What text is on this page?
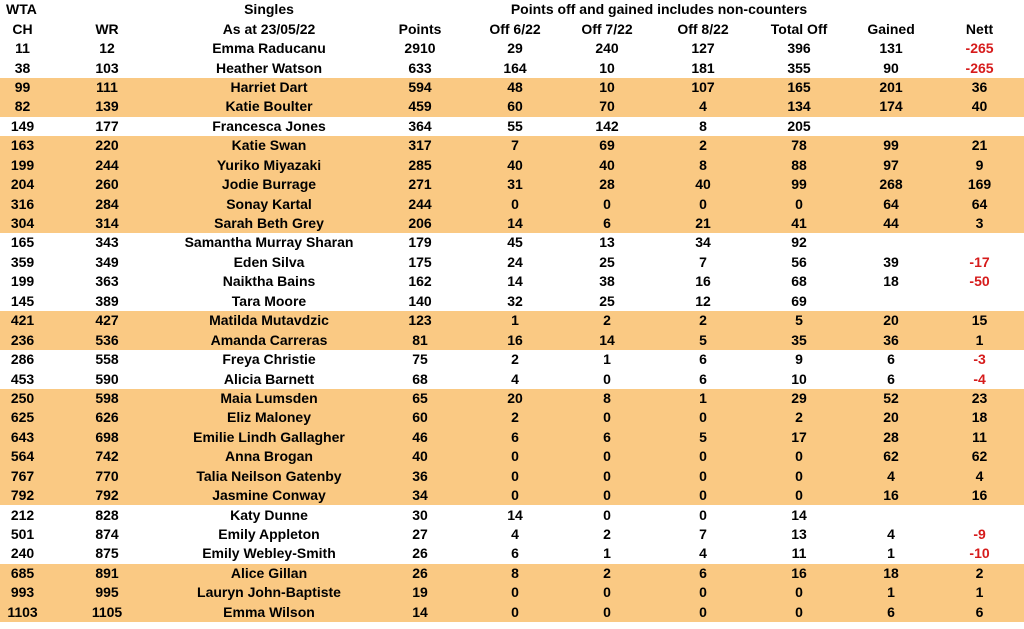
WTA		Singles		Points off and gained includes non-counters					
CH	WR	As at 23/05/22	Points	Off 6/22	Off 7/22	Off 8/22	Total Off	Gained	Nett
11	12	Emma Raducanu	2910	29	240	127	396	131	-265
38	103	Heather Watson	633	164	10	181	355	90	-265
99	111	Harriet Dart	594	48	10	107	165	201	36
82	139	Katie Boulter	459	60	70	4	134	174	40
149	177	Francesca Jones	364	55	142	8	205		
163	220	Katie Swan	317	7	69	2	78	99	21
199	244	Yuriko Miyazaki	285	40	40	8	88	97	9
204	260	Jodie Burrage	271	31	28	40	99	268	169
316	284	Sonay Kartal	244	0	0	0	0	64	64
304	314	Sarah Beth Grey	206	14	6	21	41	44	3
165	343	Samantha Murray Sharan	179	45	13	34	92		
359	349	Eden Silva	175	24	25	7	56	39	-17
199	363	Naiktha Bains	162	14	38	16	68	18	-50
145	389	Tara Moore	140	32	25	12	69		
421	427	Matilda Mutavdzic	123	1	2	2	5	20	15
236	536	Amanda Carreras	81	16	14	5	35	36	1
286	558	Freya Christie	75	2	1	6	9	6	-3
453	590	Alicia Barnett	68	4	0	6	10	6	-4
250	598	Maia Lumsden	65	20	8	1	29	52	23
625	626	Eliz Maloney	60	2	0	0	2	20	18
643	698	Emilie Lindh Gallagher	46	6	6	5	17	28	11
564	742	Anna Brogan	40	0	0	0	0	62	62
767	770	Talia Neilson Gatenby	36	0	0	0	0	4	4
792	792	Jasmine Conway	34	0	0	0	0	16	16
212	828	Katy Dunne	30	14	0	0	14		
501	874	Emily Appleton	27	4	2	7	13	4	-9
240	875	Emily Webley-Smith	26	6	1	4	11	1	-10
685	891	Alice Gillan	26	8	2	6	16	18	2
993	995	Lauryn John-Baptiste	19	0	0	0	0	1	1
1103	1105	Emma Wilson	14	0	0	0	0	6	6
